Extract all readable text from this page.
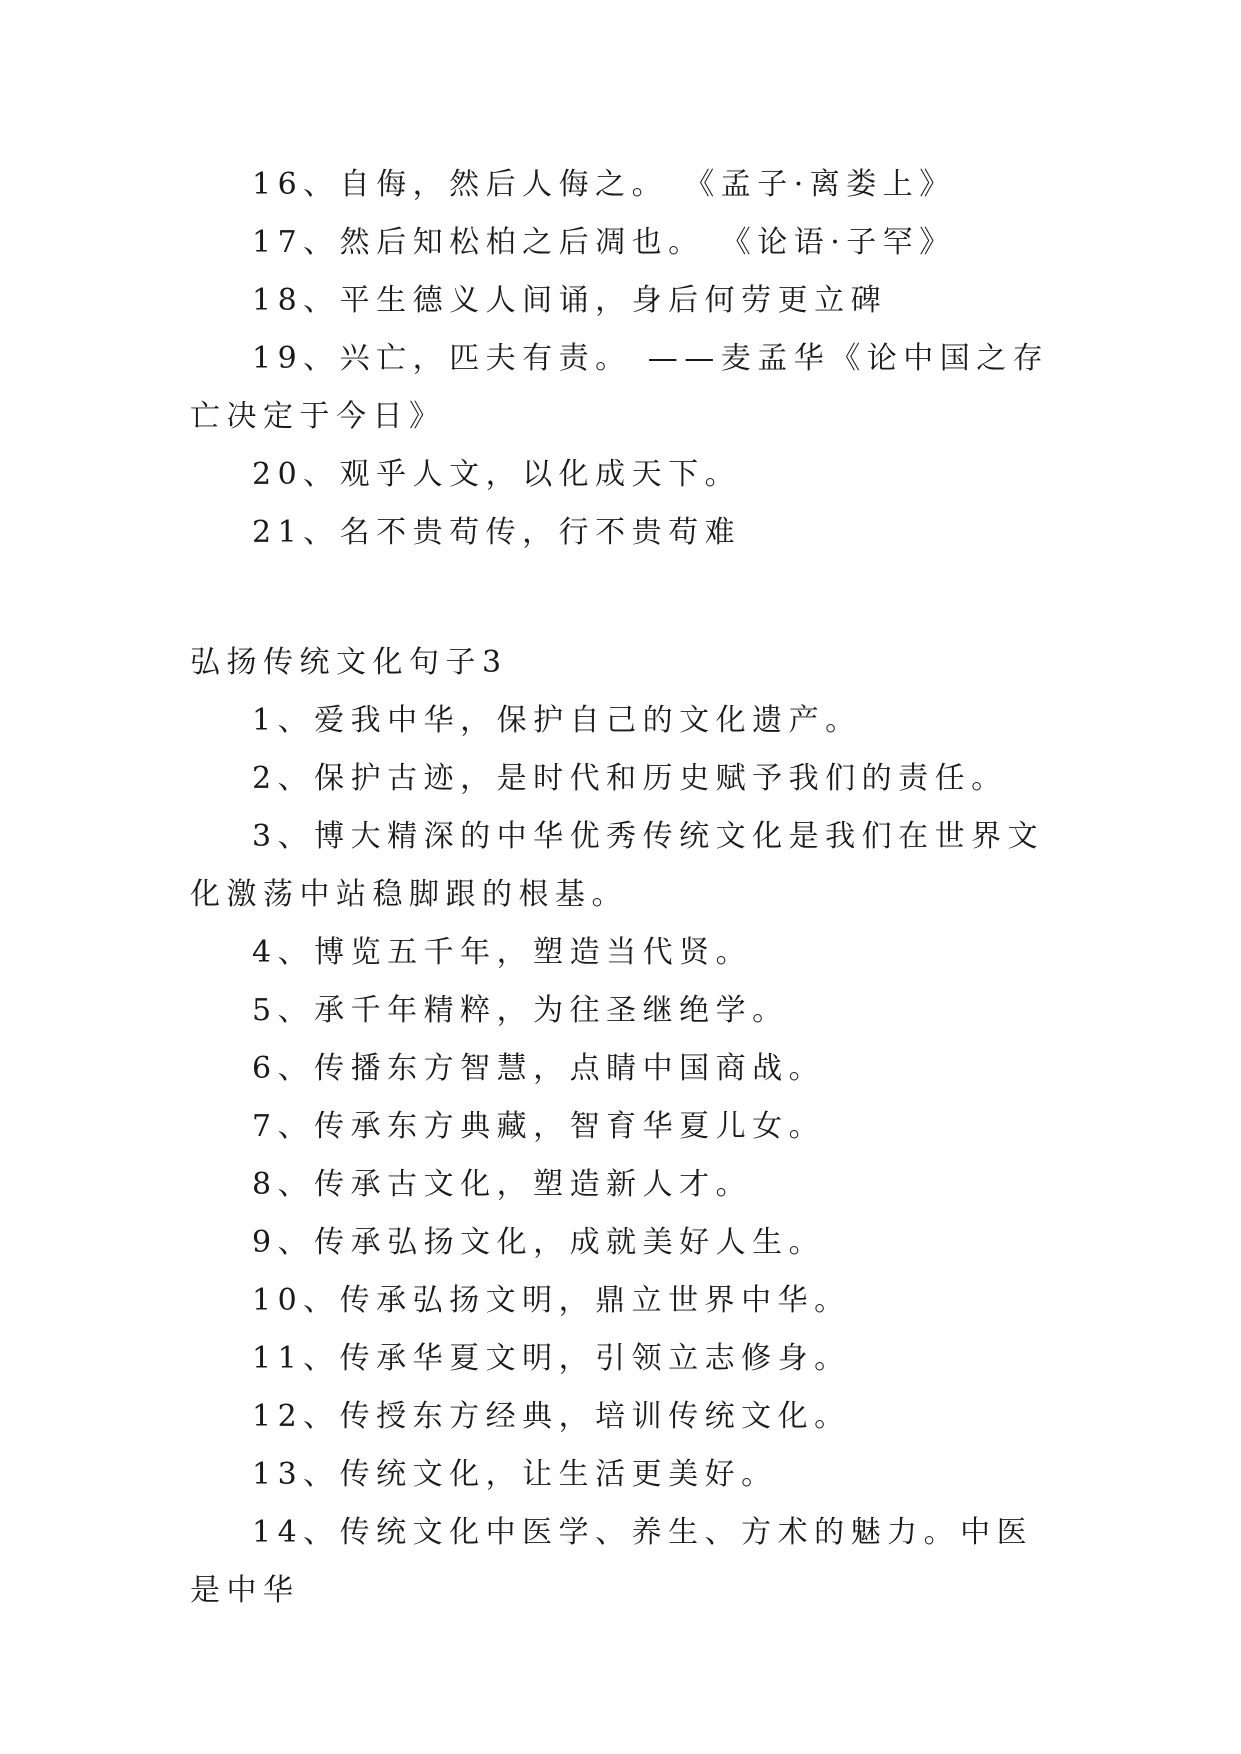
16、自侮，然后人侮之。 《孟子·离娄上》

17、然后知松柏之后凋也。 《论语·子罕》

18、平生德义人间诵，身后何劳更立碑

19、兴亡，匹夫有责。 ——麦孟华《论中国之存亡决定于今日》

20、观乎人文，以化成天下。

21、名不贵苟传，行不贵苟难

弘扬传统文化句子3

1、爱我中华，保护自己的文化遗产。

2、保护古迹，是时代和历史赋予我们的责任。

3、博大精深的中华优秀传统文化是我们在世界文化激荡中站稳脚跟的根基。

4、博览五千年，塑造当代贤。

5、承千年精粹，为往圣继绝学。

6、传播东方智慧，点睛中国商战。

7、传承东方典藏，智育华夏儿女。

8、传承古文化，塑造新人才。

9、传承弘扬文化，成就美好人生。

10、传承弘扬文明，鼎立世界中华。

11、传承华夏文明，引领立志修身。

12、传授东方经典，培训传统文化。

13、传统文化，让生活更美好。

14、传统文化中医学、养生、方术的魅力。中医是中华
